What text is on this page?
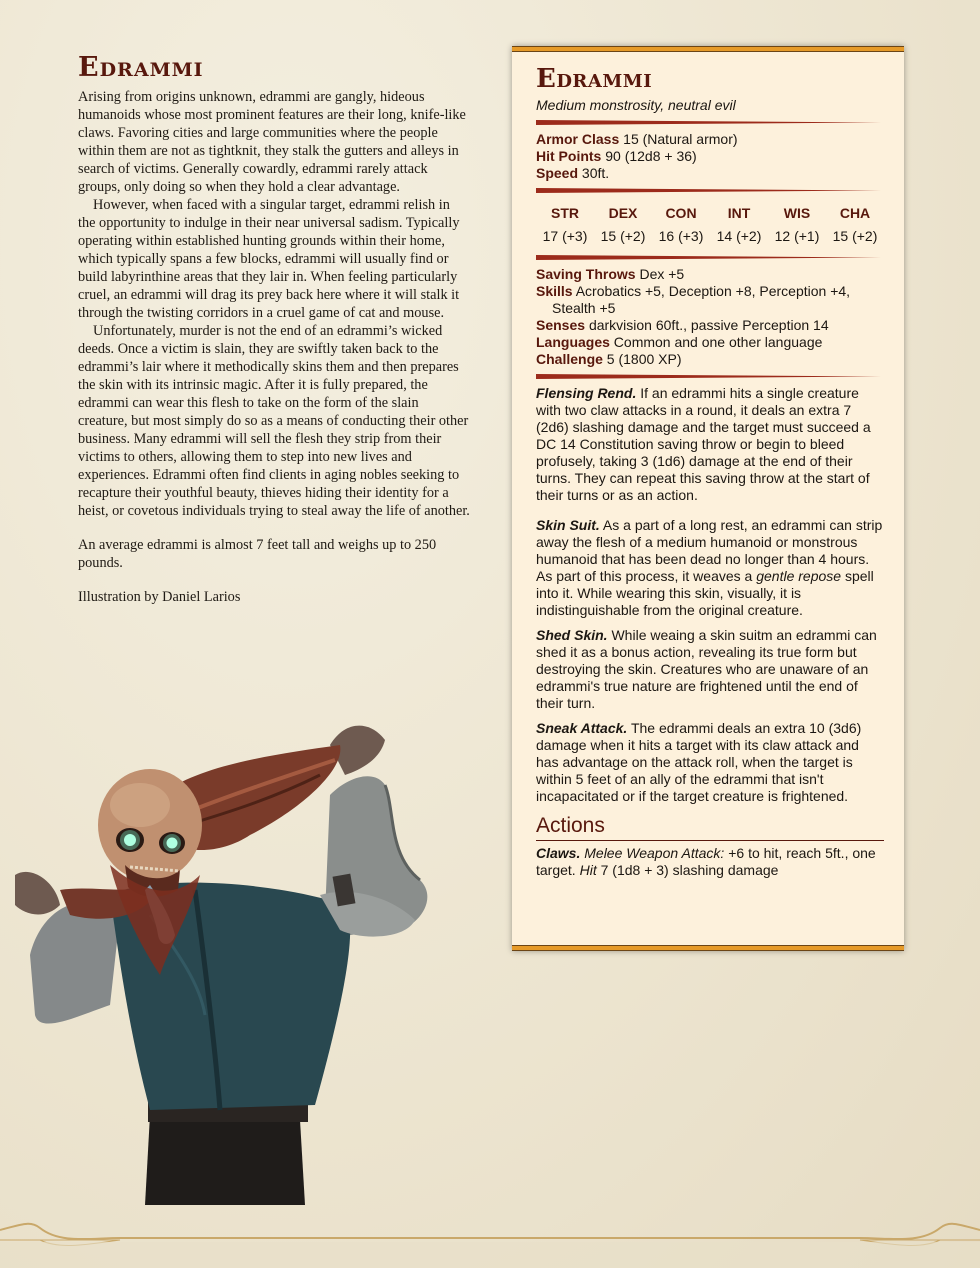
Edrammi

Arising from origins unknown, edrammi are gangly, hideous humanoids whose most prominent features are their long, knife-like claws. Favoring cities and large communities where the people within them are not as tightknit, they stalk the gutters and alleys in search of victims. Generally cowardly, edrammi rarely attack groups, only doing so when they hold a clear advantage.

However, when faced with a singular target, edrammi relish in the opportunity to indulge in their near universal sadism. Typically operating within established hunting grounds within their home, which typically spans a few blocks, edrammi will usually find or build labyrinthine areas that they lair in. When feeling particularly cruel, an edrammi will drag its prey back here where it will stalk it through the twisting corridors in a cruel game of cat and mouse.

Unfortunately, murder is not the end of an edrammi’s wicked deeds. Once a victim is slain, they are swiftly taken back to the edrammi’s lair where it methodically skins them and then prepares the skin with its intrinsic magic. After it is fully prepared, the edrammi can wear this flesh to take on the form of the slain creature, but most simply do so as a means of conducting their other business. Many edrammi will sell the flesh they strip from their victims to others, allowing them to step into new lives and experiences. Edrammi often find clients in aging nobles seeking to recapture their youthful beauty, thieves hiding their identity for a heist, or covetous individuals trying to steal away the life of another.

An average edrammi is almost 7 feet tall and weighs up to 250 pounds.

Illustration by Daniel Larios

Edrammi
Medium monstrosity, neutral evil
Armor Class 15 (Natural armor)
Hit Points 90 (12d8 + 36)
Speed 30ft.
STR
17 (+3)
DEX
15 (+2)
CON
16 (+3)
INT
14 (+2)
WIS
12 (+1)
CHA
15 (+2)
Saving Throws Dex +5
Skills Acrobatics +5, Deception +8, Perception +4, Stealth +5
Senses darkvision 60ft., passive Perception 14
Languages Common and one other language
Challenge 5 (1800 XP)

Flensing Rend. If an edrammi hits a single creature with two claw attacks in a round, it deals an extra 7 (2d6) slashing damage and the target must succeed a DC 14 Constitution saving throw or begin to bleed profusely, taking 3 (1d6) damage at the end of their turns. They can repeat this saving throw at the start of their turns or as an action.

Skin Suit. As a part of a long rest, an edrammi can strip away the flesh of a medium humanoid or monstrous humanoid that has been dead no longer than 4 hours. As part of this process, it weaves a gentle repose spell into it. While wearing this skin, visually, it is indistinguishable from the original creature.

Shed Skin. While weaing a skin suitm an edrammi can shed it as a bonus action, revealing its true form but destroying the skin. Creatures who are unaware of an edrammi's true nature are frightened until the end of their turn.

Sneak Attack. The edrammi deals an extra 10 (3d6) damage when it hits a target with its claw attack and has advantage on the attack roll, when the target is within 5 feet of an ally of the edrammi that isn't incapacitated or if the target creature is frightened.

Actions
Claws. Melee Weapon Attack: +6 to hit, reach 5ft., one target. Hit 7 (1d8 + 3) slashing damage
